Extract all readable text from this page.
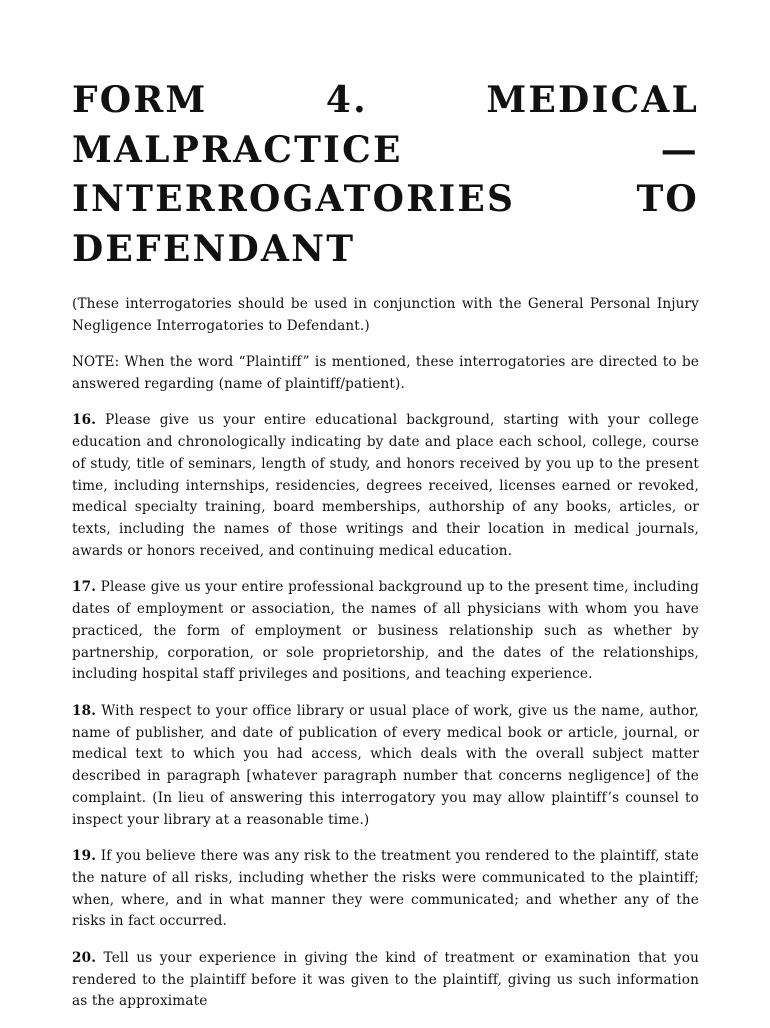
FORM 4. MEDICAL MALPRACTICE — INTERROGATORIES TO DEFENDANT

(These interrogatories should be used in conjunction with the General Personal Injury Negligence Interrogatories to Defendant.)

NOTE: When the word “Plaintiff” is mentioned, these interrogatories are directed to be answered regarding (name of plaintiff/patient).

16. Please give us your entire educational background, starting with your college education and chronologically indicating by date and place each school, college, course of study, title of seminars, length of study, and honors received by you up to the present time, including internships, residencies, degrees received, licenses earned or revoked, medical specialty training, board memberships, authorship of any books, articles, or texts, including the names of those writings and their location in medical journals, awards or honors received, and continuing medical education.

17. Please give us your entire professional background up to the present time, including dates of employment or association, the names of all physicians with whom you have practiced, the form of employment or business relationship such as whether by partnership, corporation, or sole proprietorship, and the dates of the relationships, including hospital staff privileges and positions, and teaching experience.

18. With respect to your office library or usual place of work, give us the name, author, name of publisher, and date of publication of every medical book or article, journal, or medical text to which you had access, which deals with the overall subject matter described in paragraph [whatever paragraph number that concerns negligence] of the complaint. (In lieu of answering this interrogatory you may allow plaintiff’s counsel to inspect your library at a reasonable time.)

19. If you believe there was any risk to the treatment you rendered to the plaintiff, state the nature of all risks, including whether the risks were communicated to the plaintiff; when, where, and in what manner they were communicated; and whether any of the risks in fact occurred.

20. Tell us your experience in giving the kind of treatment or examination that you rendered to the plaintiff before it was given to the plaintiff, giving us such information as the approximate
